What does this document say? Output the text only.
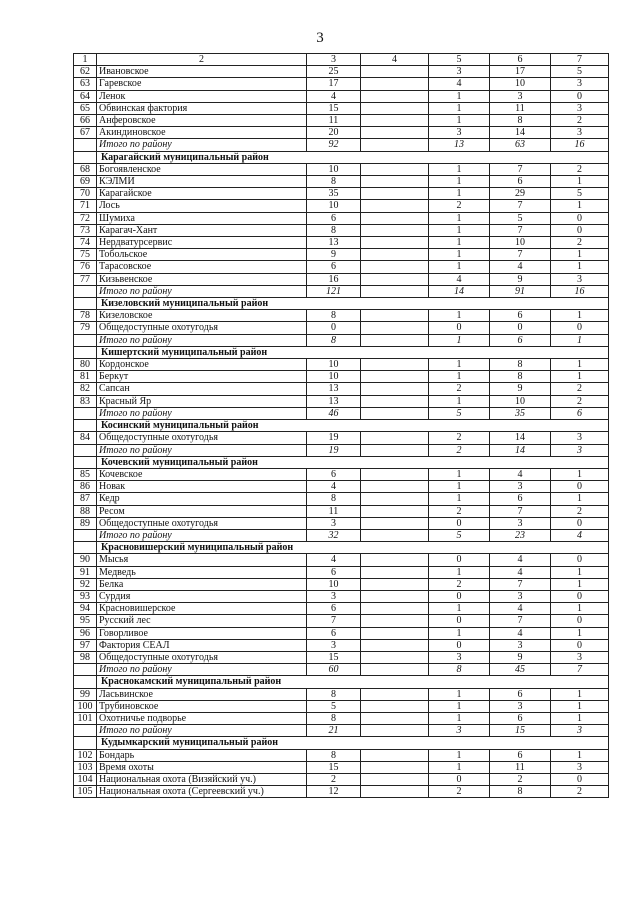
3
1	2	3	4	5	6	7
62	Ивановское	25		3	17	5
63	Гаревское	17		4	10	3
64	Ленок	4		1	3	0
65	Обвинская фактория	15		1	11	3
66	Анферовское	11		1	8	2
67	Акиндиновское	20		3	14	3
	Итого по району	92		13	63	16
	Карагайский муниципальный район					
68	Богоявленское	10		1	7	2
69	КЭЛМИ	8		1	6	1
70	Карагайское	35		1	29	5
71	Лось	10		2	7	1
72	Шумиха	6		1	5	0
73	Карагач-Хант	8		1	7	0
74	Нердватурсервис	13		1	10	2
75	Тобольское	9		1	7	1
76	Тарасовское	6		1	4	1
77	Кизьвенское	16		4	9	3
	Итого по району	121		14	91	16
	Кизеловский муниципальный район					
78	Кизеловское	8		1	6	1
79	Общедоступные охотугодья	0		0	0	0
	Итого по району	8		1	6	1
	Кишертский муниципальный район					
80	Кордонское	10		1	8	1
81	Беркут	10		1	8	1
82	Сапсан	13		2	9	2
83	Красный Яр	13		1	10	2
	Итого по району	46		5	35	6
	Косинский муниципальный район					
84	Общедоступные охотугодья	19		2	14	3
	Итого по району	19		2	14	3
	Кочевский муниципальный район					
85	Кочевское	6		1	4	1
86	Новак	4		1	3	0
87	Кедр	8		1	6	1
88	Ресом	11		2	7	2
89	Общедоступные охотугодья	3		0	3	0
	Итого по району	32		5	23	4
	Красновишерский муниципальный район					
90	Мысья	4		0	4	0
91	Медведь	6		1	4	1
92	Белка	10		2	7	1
93	Сурдия	3		0	3	0
94	Красновишерское	6		1	4	1
95	Русский лес	7		0	7	0
96	Говорливое	6		1	4	1
97	Фактория СЕАЛ	3		0	3	0
98	Общедоступные охотугодья	15		3	9	3
	Итого по району	60		8	45	7
	Краснокамский муниципальный район					
99	Ласьвинское	8		1	6	1
100	Трубиновское	5		1	3	1
101	Охотничье подворье	8		1	6	1
	Итого по району	21		3	15	3
	Кудымкарский муниципальный район					
102	Бондарь	8		1	6	1
103	Время охоты	15		1	11	3
104	Национальная охота (Визяйский уч.)	2		0	2	0
105	Национальная охота (Сергеевский уч.)	12		2	8	2
